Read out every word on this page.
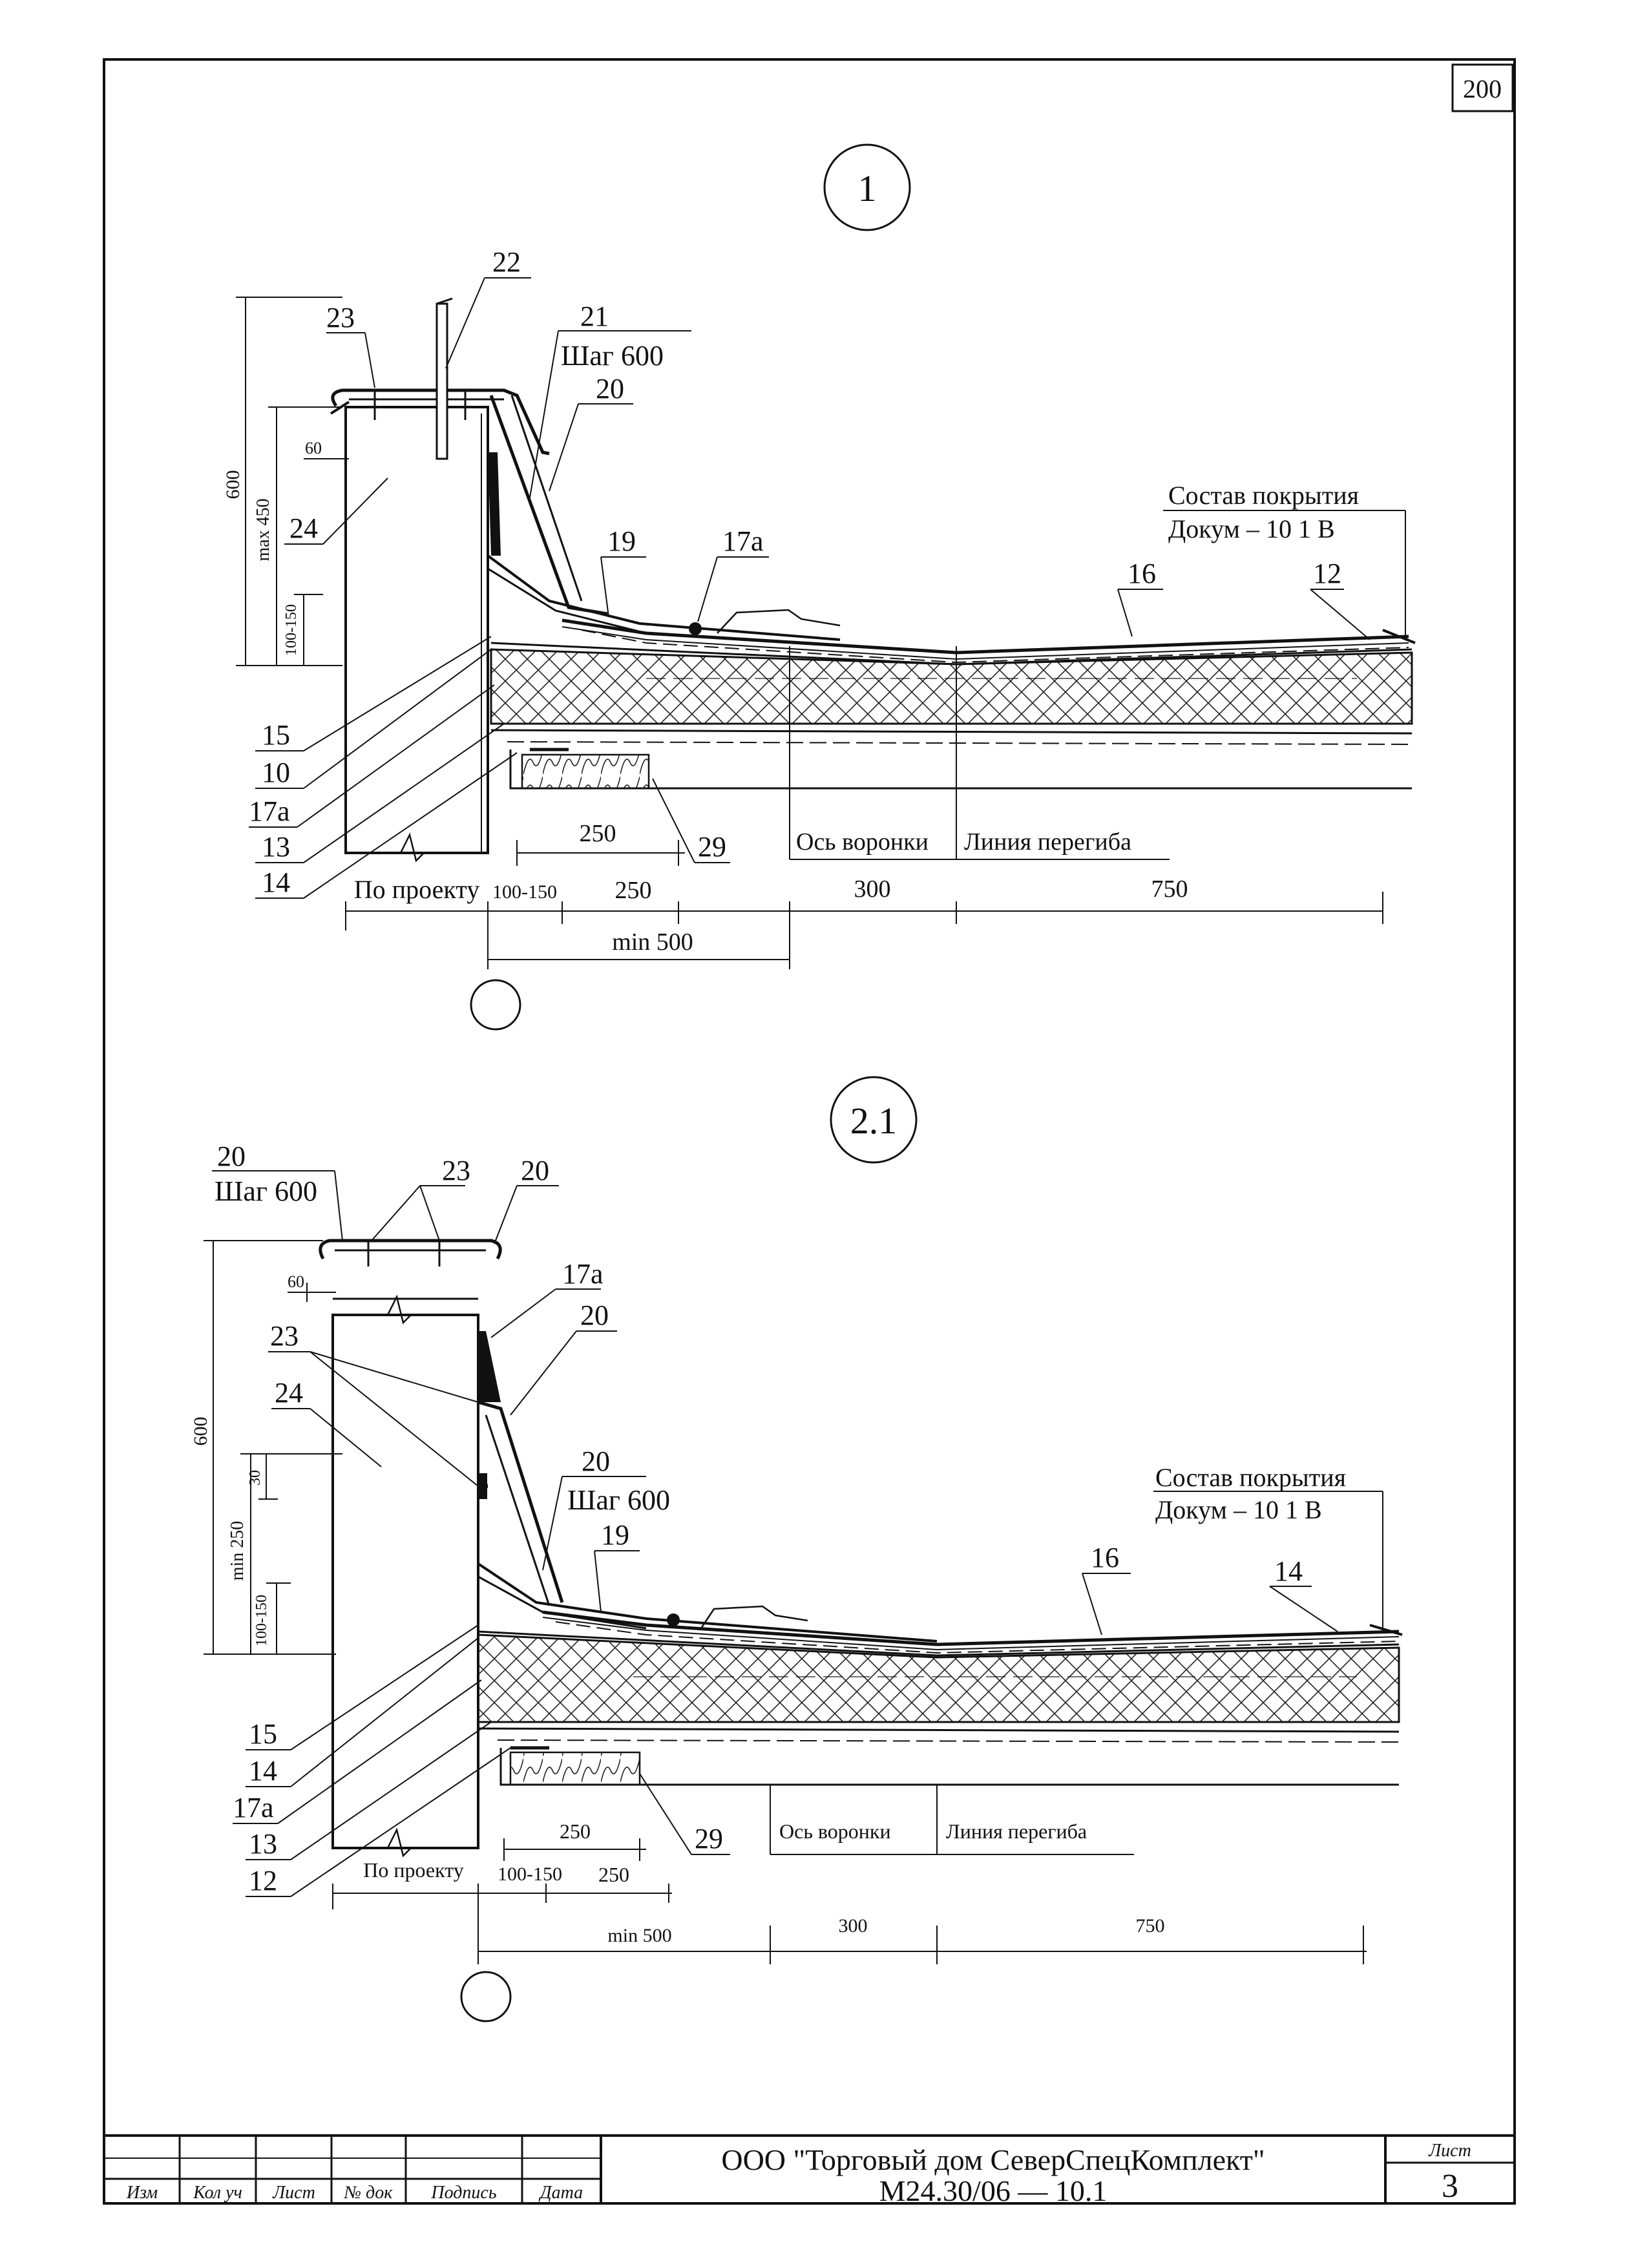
200
1
Ось воронки Линия перегиба
600
max 450
100-150
60
22
23	21
Шаг 600
20
24	19	17а
16	12
Состав покрытия
Докум – 10 1 В
15
10
17а
13
14
29
250
По проекту 100-150 250	300	750
min 500
2.1
Ось воронки	Линия перегиба
600
min 250
30
100-150
60
20
Шаг 600
23 20
17а
20
23
24
20
Шаг 600
19
16	14
Состав покрытия
Докум – 10 1 В
15
14
17а
13
12
29
250
По проекту 100-150 250
min 500	300	750
Изм Кол уч Лист № док Подпись Дата
ООО "Торговый дом СеверСпецКомплект"
М24.30/06 — 10.1
Лист
3
